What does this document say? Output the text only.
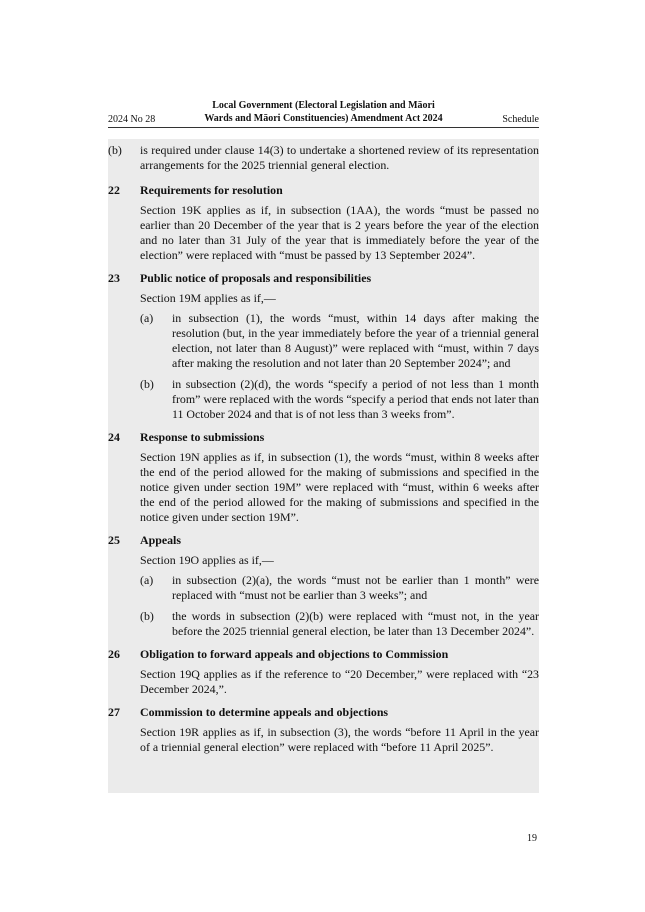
2024 No 28
Local Government (Electoral Legislation and Māori
Wards and Māori Constituencies) Amendment Act 2024	Schedule
(b) is required under clause 14(3) to undertake a shortened review of its representation arrangements for the 2025 triennial general election.
22 Requirements for resolution

Section 19K applies as if, in subsection (1AA), the words “must be passed no earlier than 20 December of the year that is 2 years before the year of the election and no later than 31 July of the year that is immediately before the year of the election” were replaced with “must be passed by 13 September 2024”.

23 Public notice of proposals and responsibilities

Section 19M applies as if,—

(a) in subsection (1), the words “must, within 14 days after making the resolution (but, in the year immediately before the year of a triennial general election, not later than 8 August)” were replaced with “must, within 7 days after making the resolution and not later than 20 September 2024”; and
(b) in subsection (2)(d), the words “specify a period of not less than 1 month from” were replaced with the words “specify a period that ends not later than 11 October 2024 and that is of not less than 3 weeks from”.
24 Response to submissions

Section 19N applies as if, in subsection (1), the words “must, within 8 weeks after the end of the period allowed for the making of submissions and specified in the notice given under section 19M” were replaced with “must, within 6 weeks after the end of the period allowed for the making of submissions and specified in the notice given under section 19M”.

25 Appeals

Section 19O applies as if,—

(a) in subsection (2)(a), the words “must not be earlier than 1 month” were replaced with “must not be earlier than 3 weeks”; and
(b) the words in subsection (2)(b) were replaced with “must not, in the year before the 2025 triennial general election, be later than 13 December 2024”.
26 Obligation to forward appeals and objections to Commission

Section 19Q applies as if the reference to “20 December,” were replaced with “23 December 2024,”.

27 Commission to determine appeals and objections

Section 19R applies as if, in subsection (3), the words “before 11 April in the year of a triennial general election” were replaced with “before 11 April 2025”.

19
